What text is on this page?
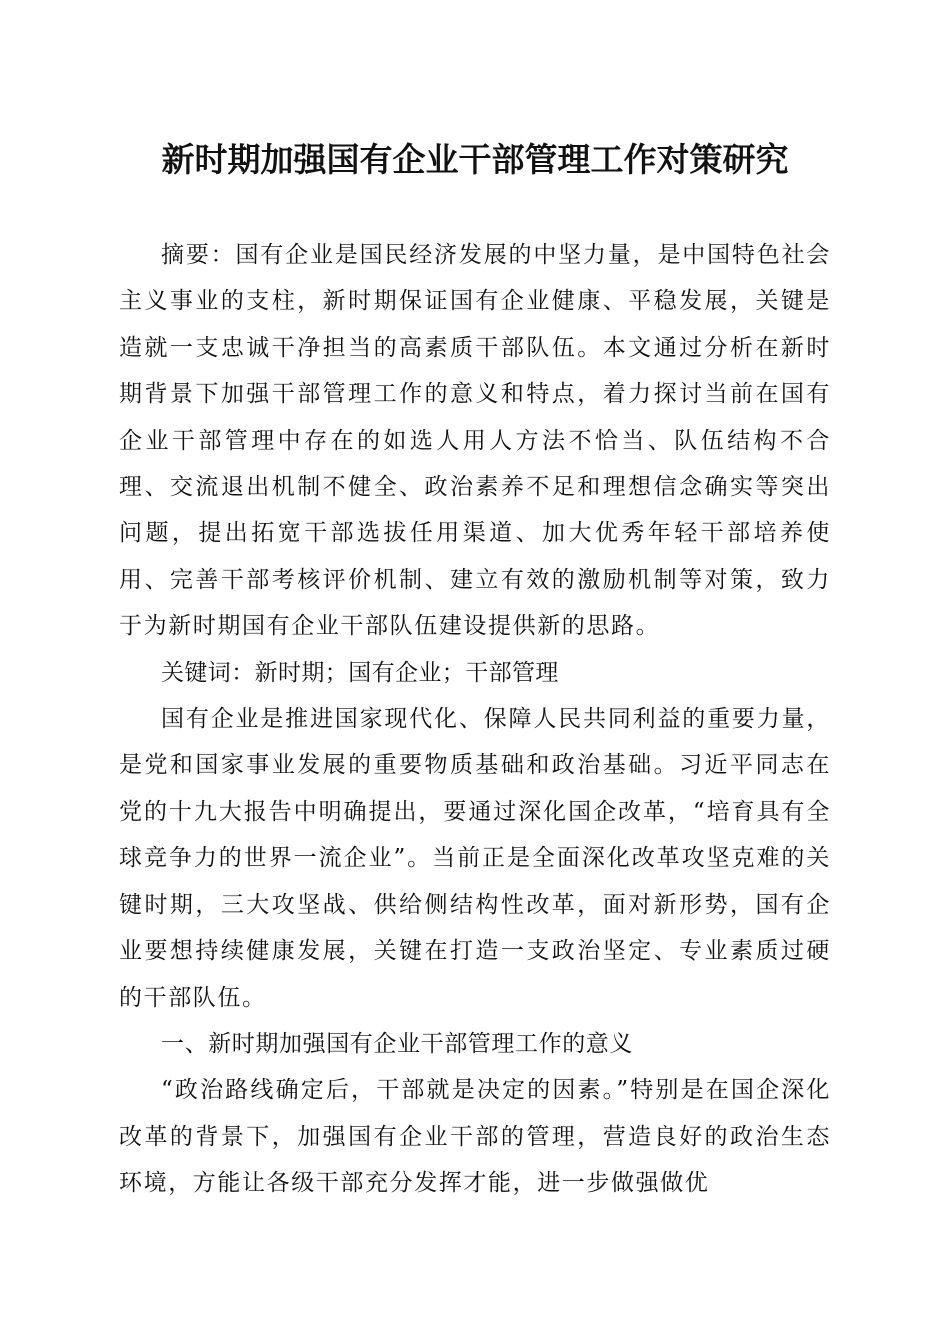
新时期加强国有企业干部管理工作对策研究

摘要：国有企业是国民经济发展的中坚力量，是中国特色社会主义事业的支柱，新时期保证国有企业健康、平稳发展，关键是造就一支忠诚干净担当的高素质干部队伍。本文通过分析在新时期背景下加强干部管理工作的意义和特点，着力探讨当前在国有企业干部管理中存在的如选人用人方法不恰当、队伍结构不合理、交流退出机制不健全、政治素养不足和理想信念确实等突出问题，提出拓宽干部选拔任用渠道、加大优秀年轻干部培养使用、完善干部考核评价机制、建立有效的激励机制等对策，致力于为新时期国有企业干部队伍建设提供新的思路。

关键词：新时期；国有企业；干部管理

国有企业是推进国家现代化、保障人民共同利益的重要力量，是党和国家事业发展的重要物质基础和政治基础。习近平同志在党的十九大报告中明确提出，要通过深化国企改革，“培育具有全球竞争力的世界一流企业”。当前正是全面深化改革攻坚克难的关键时期，三大攻坚战、供给侧结构性改革，面对新形势，国有企业要想持续健康发展，关键在打造一支政治坚定、专业素质过硬的干部队伍。

一、新时期加强国有企业干部管理工作的意义

“政治路线确定后，干部就是决定的因素。”特别是在国企深化改革的背景下，加强国有企业干部的管理，营造良好的政治生态环境，方能让各级干部充分发挥才能，进一步做强做优
